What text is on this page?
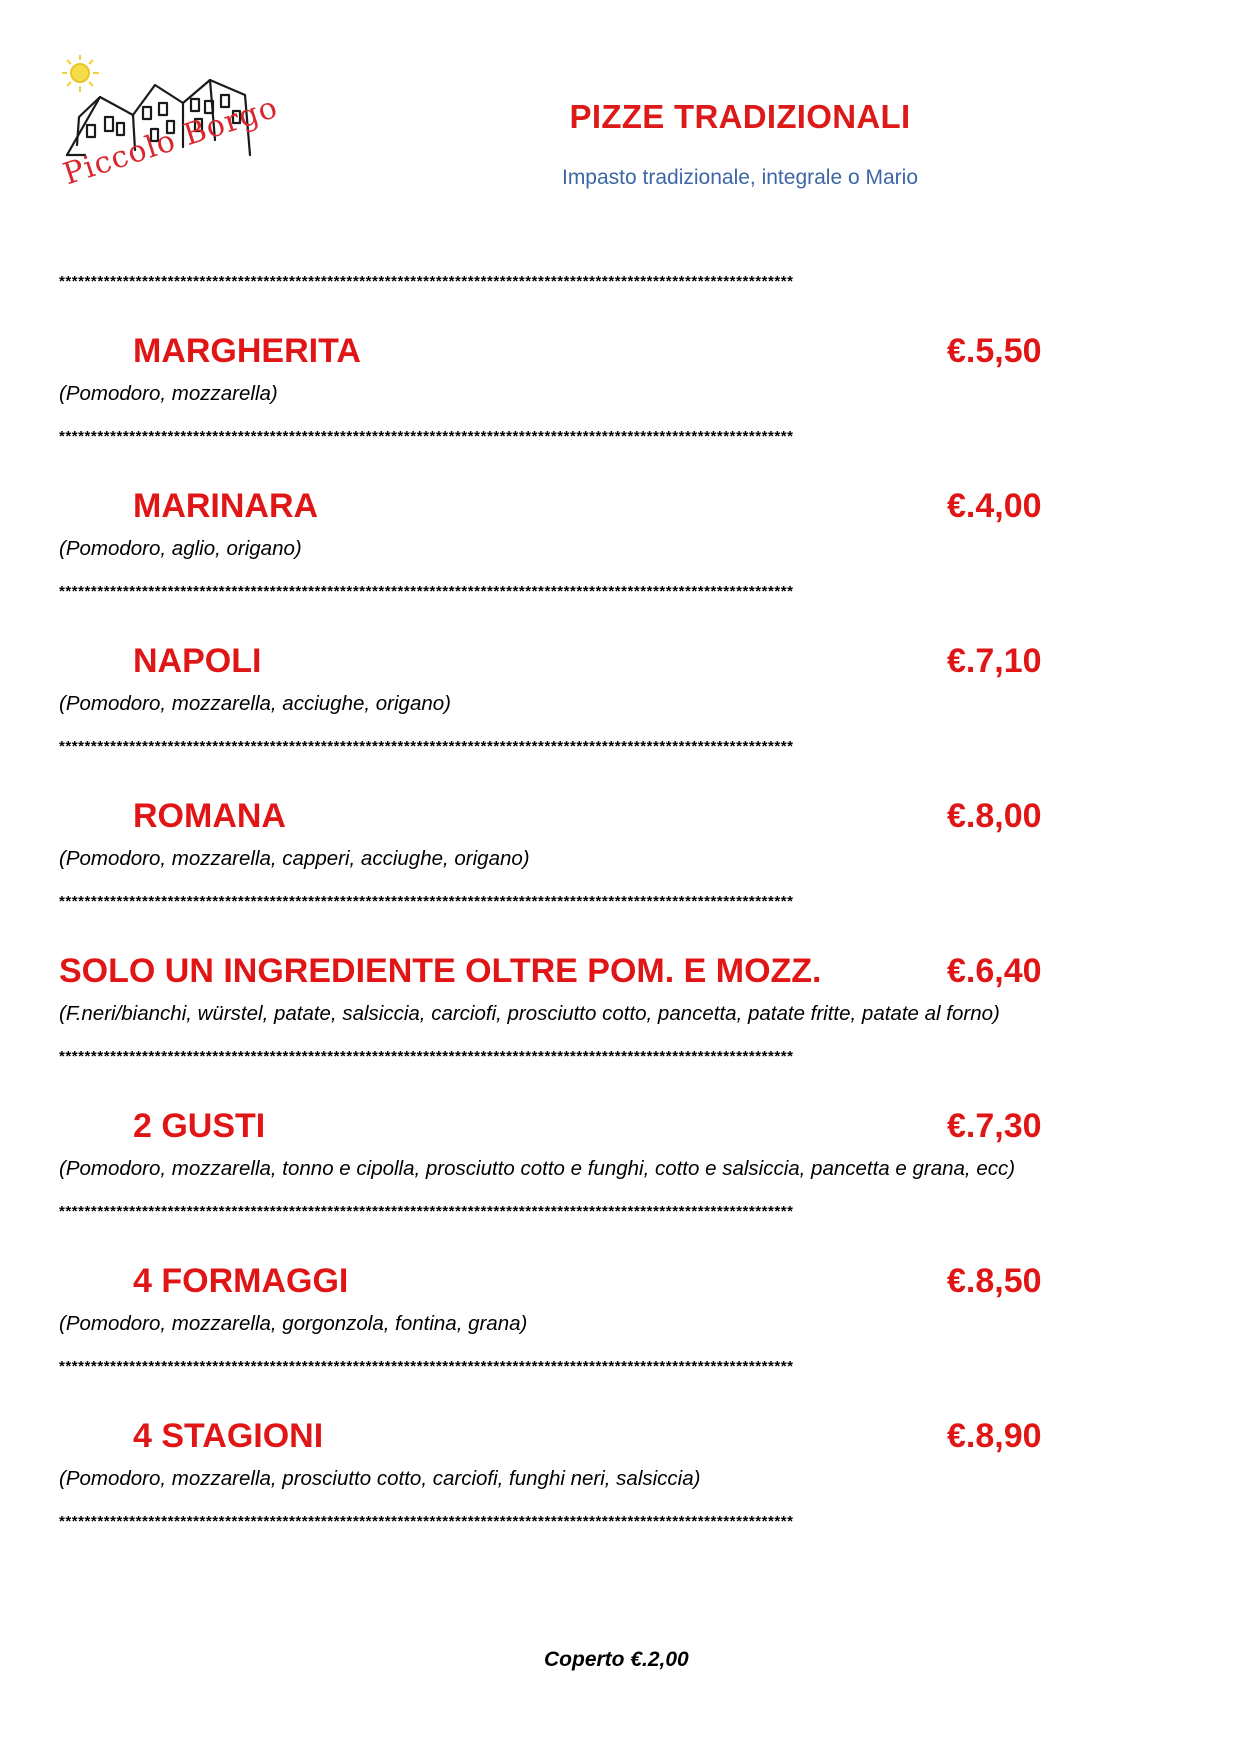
Piccolo Borgo	PIZZE TRADIZIONALI
Impasto tradizionale, integrale o Mario
*******************************************************************************************************************
MARGHERITA	€.5,50
(Pomodoro, mozzarella)
*******************************************************************************************************************
MARINARA	€.4,00
(Pomodoro, aglio, origano)
*******************************************************************************************************************
NAPOLI	€.7,10
(Pomodoro, mozzarella, acciughe, origano)
*******************************************************************************************************************
ROMANA	€.8,00
(Pomodoro, mozzarella, capperi, acciughe, origano)
*******************************************************************************************************************
SOLO UN INGREDIENTE OLTRE POM. E MOZZ.	€.6,40
(F.neri/bianchi, würstel, patate, salsiccia, carciofi, prosciutto cotto, pancetta, patate fritte, patate al forno)
*******************************************************************************************************************
2 GUSTI	€.7,30
(Pomodoro, mozzarella, tonno e cipolla, prosciutto cotto e funghi, cotto e salsiccia, pancetta e grana, ecc)
*******************************************************************************************************************
4 FORMAGGI	€.8,50
(Pomodoro, mozzarella, gorgonzola, fontina, grana)
*******************************************************************************************************************
4 STAGIONI	€.8,90
(Pomodoro, mozzarella, prosciutto cotto, carciofi, funghi neri, salsiccia)
*******************************************************************************************************************
Coperto €.2,00
